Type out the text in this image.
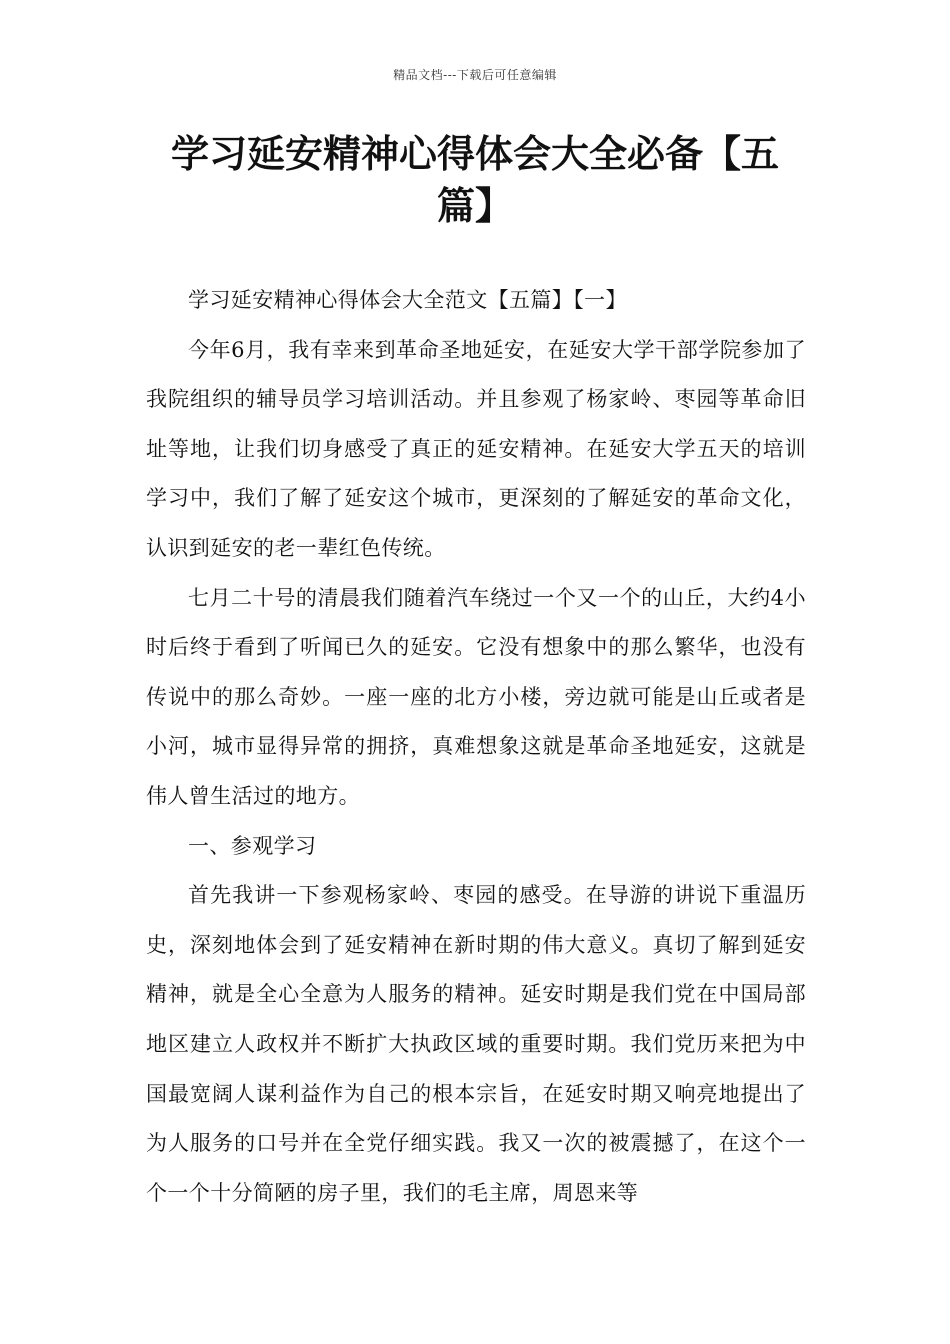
精品文档---下载后可任意编辑
学习延安精神心得体会大全必备【五篇】

学习延安精神心得体会大全范文【五篇】【一】

今年6月，我有幸来到革命圣地延安，在延安大学干部学院参加了我院组织的辅导员学习培训活动。并且参观了杨家岭、枣园等革命旧址等地，让我们切身感受了真正的延安精神。在延安大学五天的培训学习中，我们了解了延安这个城市，更深刻的了解延安的革命文化，认识到延安的老一辈红色传统。

七月二十号的清晨我们随着汽车绕过一个又一个的山丘，大约4小时后终于看到了听闻已久的延安。它没有想象中的那么繁华，也没有传说中的那么奇妙。一座一座的北方小楼，旁边就可能是山丘或者是小河，城市显得异常的拥挤，真难想象这就是革命圣地延安，这就是伟人曾生活过的地方。

一、参观学习

首先我讲一下参观杨家岭、枣园的感受。在导游的讲说下重温历史，深刻地体会到了延安精神在新时期的伟大意义。真切了解到延安精神，就是全心全意为人服务的精神。延安时期是我们党在中国局部地区建立人政权并不断扩大执政区域的重要时期。我们党历来把为中国最宽阔人谋利益作为自己的根本宗旨，在延安时期又响亮地提出了为人服务的口号并在全党仔细实践。我又一次的被震撼了，在这个一个一个十分简陋的房子里，我们的毛主席，周恩来等
